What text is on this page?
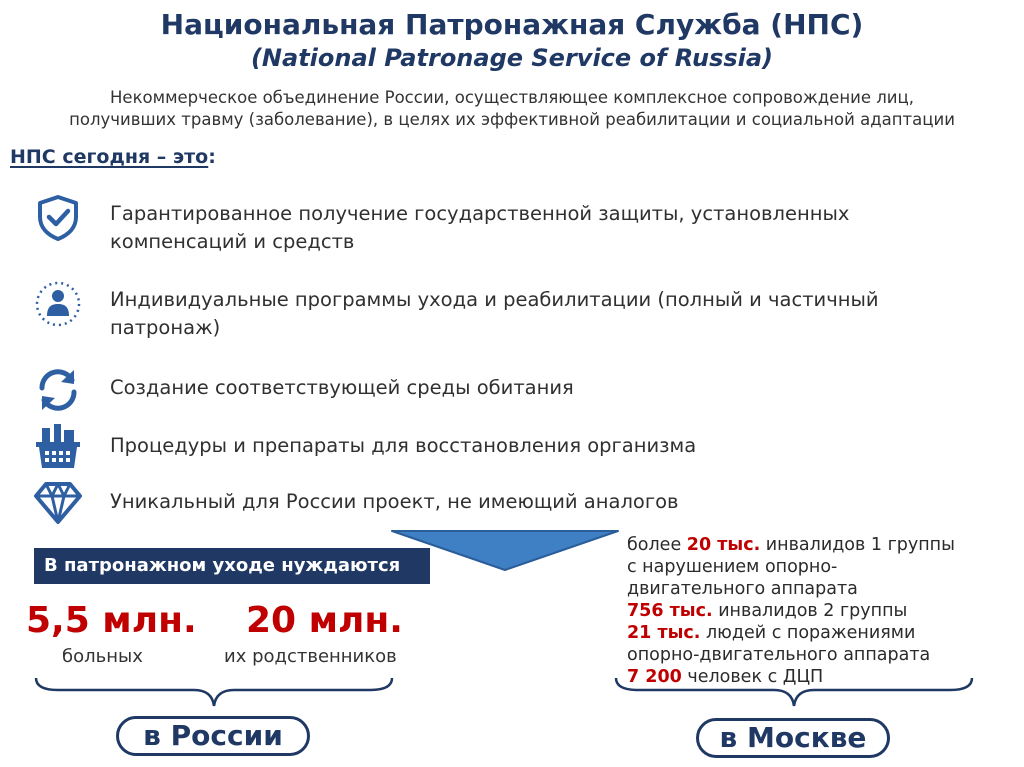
Национальная Патронажная Служба (НПС)
(National Patronage Service of Russia)
Некоммерческое объединение России, осуществляющее комплексное сопровождение лиц,
получивших травму (заболевание), в целях их эффективной реабилитации и социальной адаптации
НПС сегодня – это:
Гарантированное получение государственной защиты, установленных
компенсаций и средств
Индивидуальные программы ухода и реабилитации (полный и частичный
патронаж)
Создание соответствующей среды обитания
Процедуры и препараты для восстановления организма
Уникальный для России проект, не имеющий аналогов
В патронажном уходе нуждаются
5,5 млн. 20 млн.
больных	их родственников
в России
более 20 тыс. инвалидов 1 группы
с нарушением опорно-
двигательного аппарата
756 тыс. инвалидов 2 группы
21 тыс. людей с поражениями
опорно-двигательного аппарата
7 200 человек с ДЦП
в Москве
